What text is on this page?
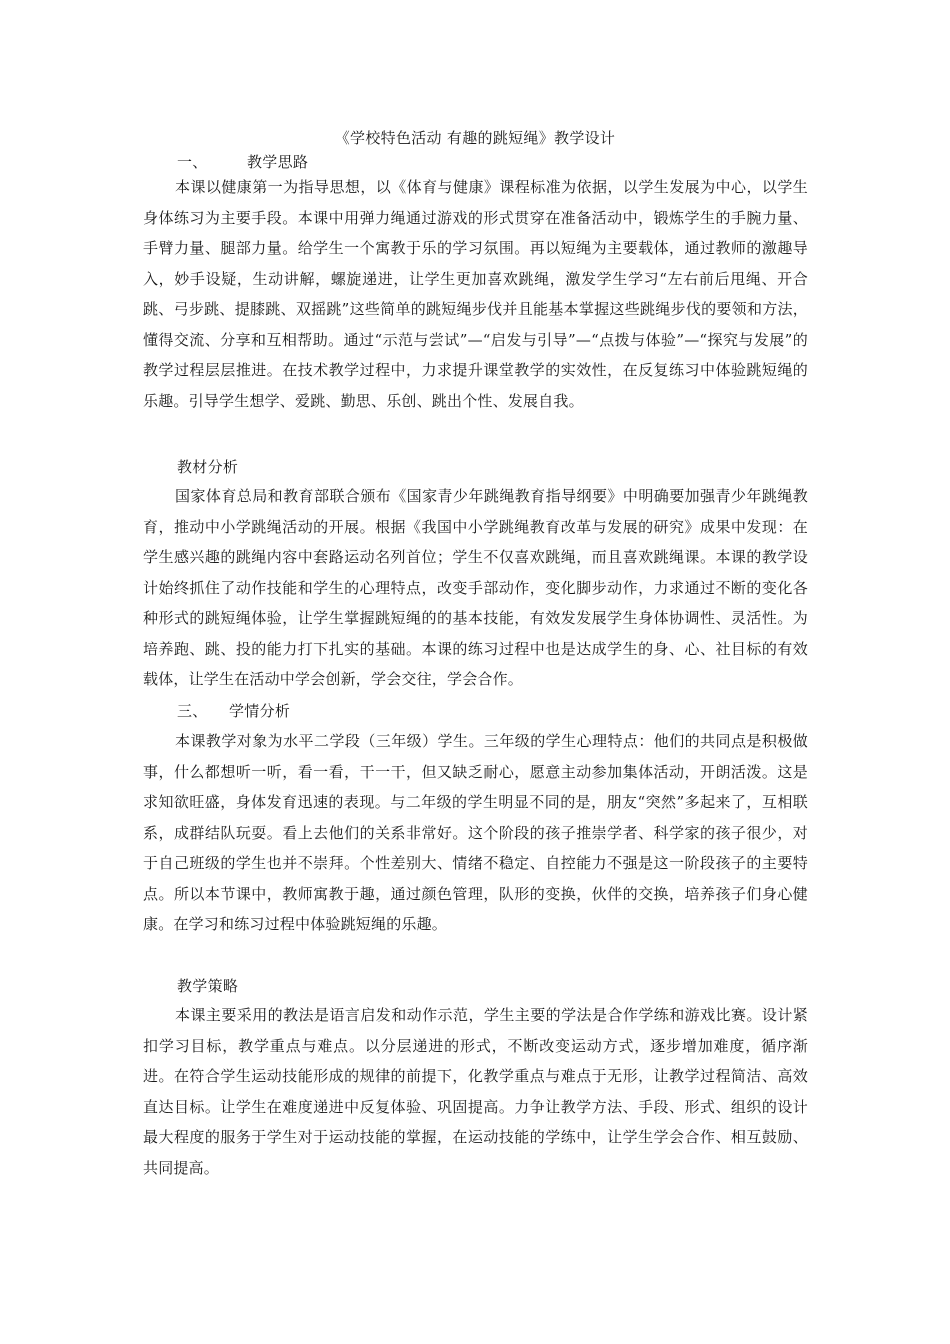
《学校特色活动 有趣的跳短绳》教学设计
一、	教学思路

本课以健康第一为指导思想，以《体育与健康》课程标准为依据，以学生发展为中心，以学生身体练习为主要手段。本课中用弹力绳通过游戏的形式贯穿在准备活动中，锻炼学生的手腕力量、手臂力量、腿部力量。给学生一个寓教于乐的学习氛围。再以短绳为主要载体，通过教师的激趣导入，妙手设疑，生动讲解，螺旋递进，让学生更加喜欢跳绳，激发学生学习“左右前后甩绳、开合跳、弓步跳、提膝跳、双摇跳”这些简单的跳短绳步伐并且能基本掌握这些跳绳步伐的要领和方法，懂得交流、分享和互相帮助。通过“示范与尝试”—“启发与引导”—“点拨与体验”—“探究与发展”的教学过程层层推进。在技术教学过程中，力求提升课堂教学的实效性，在反复练习中体验跳短绳的乐趣。引导学生想学、爱跳、勤思、乐创、跳出个性、发展自我。

教材分析

国家体育总局和教育部联合颁布《国家青少年跳绳教育指导纲要》中明确要加强青少年跳绳教育，推动中小学跳绳活动的开展。根据《我国中小学跳绳教育改革与发展的研究》成果中发现：在学生感兴趣的跳绳内容中套路运动名列首位；学生不仅喜欢跳绳，而且喜欢跳绳课。本课的教学设计始终抓住了动作技能和学生的心理特点，改变手部动作，变化脚步动作，力求通过不断的变化各种形式的跳短绳体验，让学生掌握跳短绳的的基本技能，有效发发展学生身体协调性、灵活性。为培养跑、跳、投的能力打下扎实的基础。本课的练习过程中也是达成学生的身、心、社目标的有效载体，让学生在活动中学会创新，学会交往，学会合作。

三、 学情分析

本课教学对象为水平二学段（三年级）学生。三年级的学生心理特点：他们的共同点是积极做事，什么都想听一听，看一看，干一干，但又缺乏耐心，愿意主动参加集体活动，开朗活泼。这是求知欲旺盛，身体发育迅速的表现。与二年级的学生明显不同的是，朋友“突然”多起来了，互相联系，成群结队玩耍。看上去他们的关系非常好。这个阶段的孩子推崇学者、科学家的孩子很少，对于自己班级的学生也并不崇拜。个性差别大、情绪不稳定、自控能力不强是这一阶段孩子的主要特点。所以本节课中，教师寓教于趣，通过颜色管理，队形的变换，伙伴的交换，培养孩子们身心健康。在学习和练习过程中体验跳短绳的乐趣。

教学策略

本课主要采用的教法是语言启发和动作示范，学生主要的学法是合作学练和游戏比赛。设计紧扣学习目标，教学重点与难点。以分层递进的形式，不断改变运动方式，逐步增加难度，循序渐进。在符合学生运动技能形成的规律的前提下，化教学重点与难点于无形，让教学过程简洁、高效直达目标。让学生在难度递进中反复体验、巩固提高。力争让教学方法、手段、形式、组织的设计最大程度的服务于学生对于运动技能的掌握，在运动技能的学练中，让学生学会合作、相互鼓励、共同提高。
